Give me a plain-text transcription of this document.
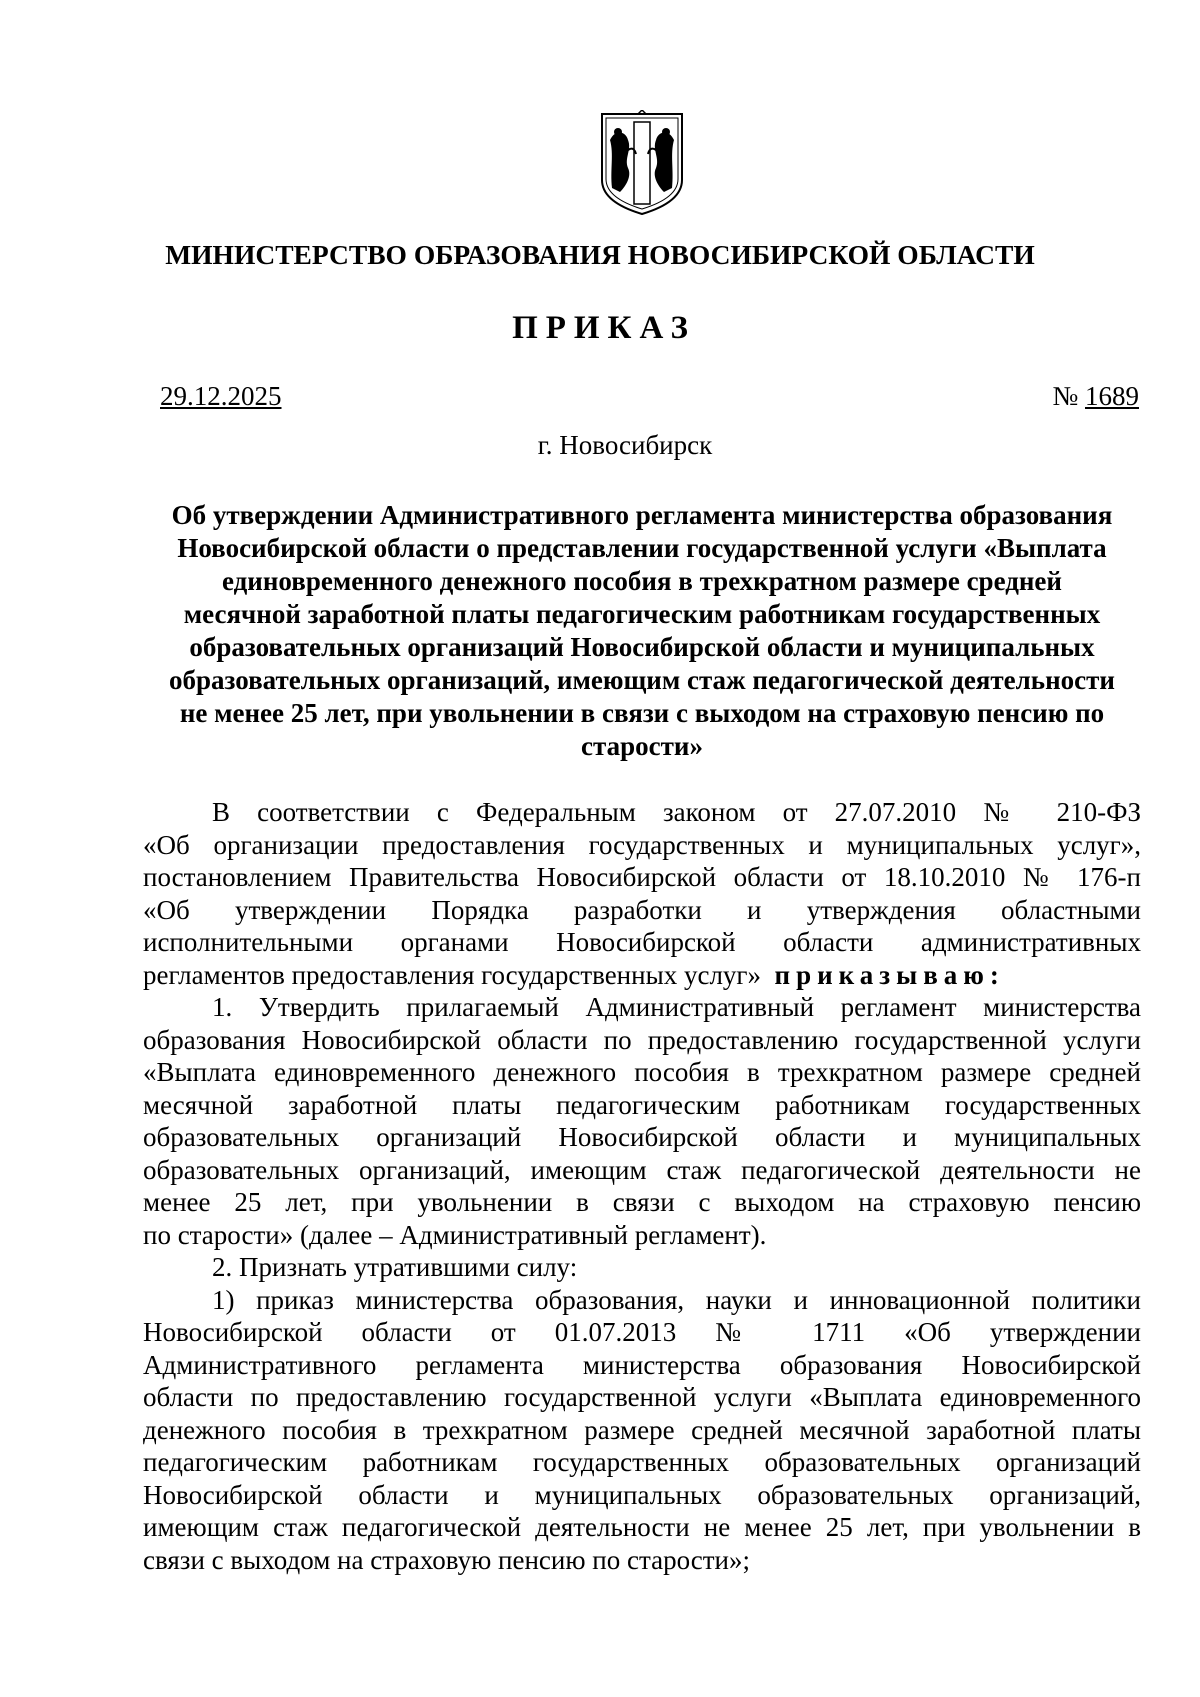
МИНИСТЕРСТВО ОБРАЗОВАНИЯ НОВОСИБИРСКОЙ ОБЛАСТИ
ПРИКАЗ
29.12.2025	№ 1689
г. Новосибирск
Об утверждении Административного регламента министерства образования
Новосибирской области о представлении государственной услуги «Выплата
единовременного денежного пособия в трехкратном размере средней
месячной заработной платы педагогическим работникам государственных
образовательных организаций Новосибирской области и муниципальных
образовательных организаций, имеющим стаж педагогической деятельности
не менее 25 лет, при увольнении в связи с выходом на страховую пенсию по
старости»
В соответствии с Федеральным законом от 27.07.2010 № 210-ФЗ
«Об организации предоставления государственных и муниципальных услуг»,
постановлением Правительства Новосибирской области от 18.10.2010 № 176-п
«Об утверждении Порядка разработки и утверждения областными
исполнительными органами Новосибирской области административных
регламентов предоставления государственных услуг» приказываю:
1. Утвердить прилагаемый Административный регламент министерства
образования Новосибирской области по предоставлению государственной услуги
«Выплата единовременного денежного пособия в трехкратном размере средней
месячной заработной платы педагогическим работникам государственных
образовательных организаций Новосибирской области и муниципальных
образовательных организаций, имеющим стаж педагогической деятельности не
менее 25 лет, при увольнении в связи с выходом на страховую пенсию
по старости» (далее – Административный регламент).
2. Признать утратившими силу:
1) приказ министерства образования, науки и инновационной политики
Новосибирской области от 01.07.2013 № 1711 «Об утверждении
Административного регламента министерства образования Новосибирской
области по предоставлению государственной услуги «Выплата единовременного
денежного пособия в трехкратном размере средней месячной заработной платы
педагогическим работникам государственных образовательных организаций
Новосибирской области и муниципальных образовательных организаций,
имеющим стаж педагогической деятельности не менее 25 лет, при увольнении в
связи с выходом на страховую пенсию по старости»;
